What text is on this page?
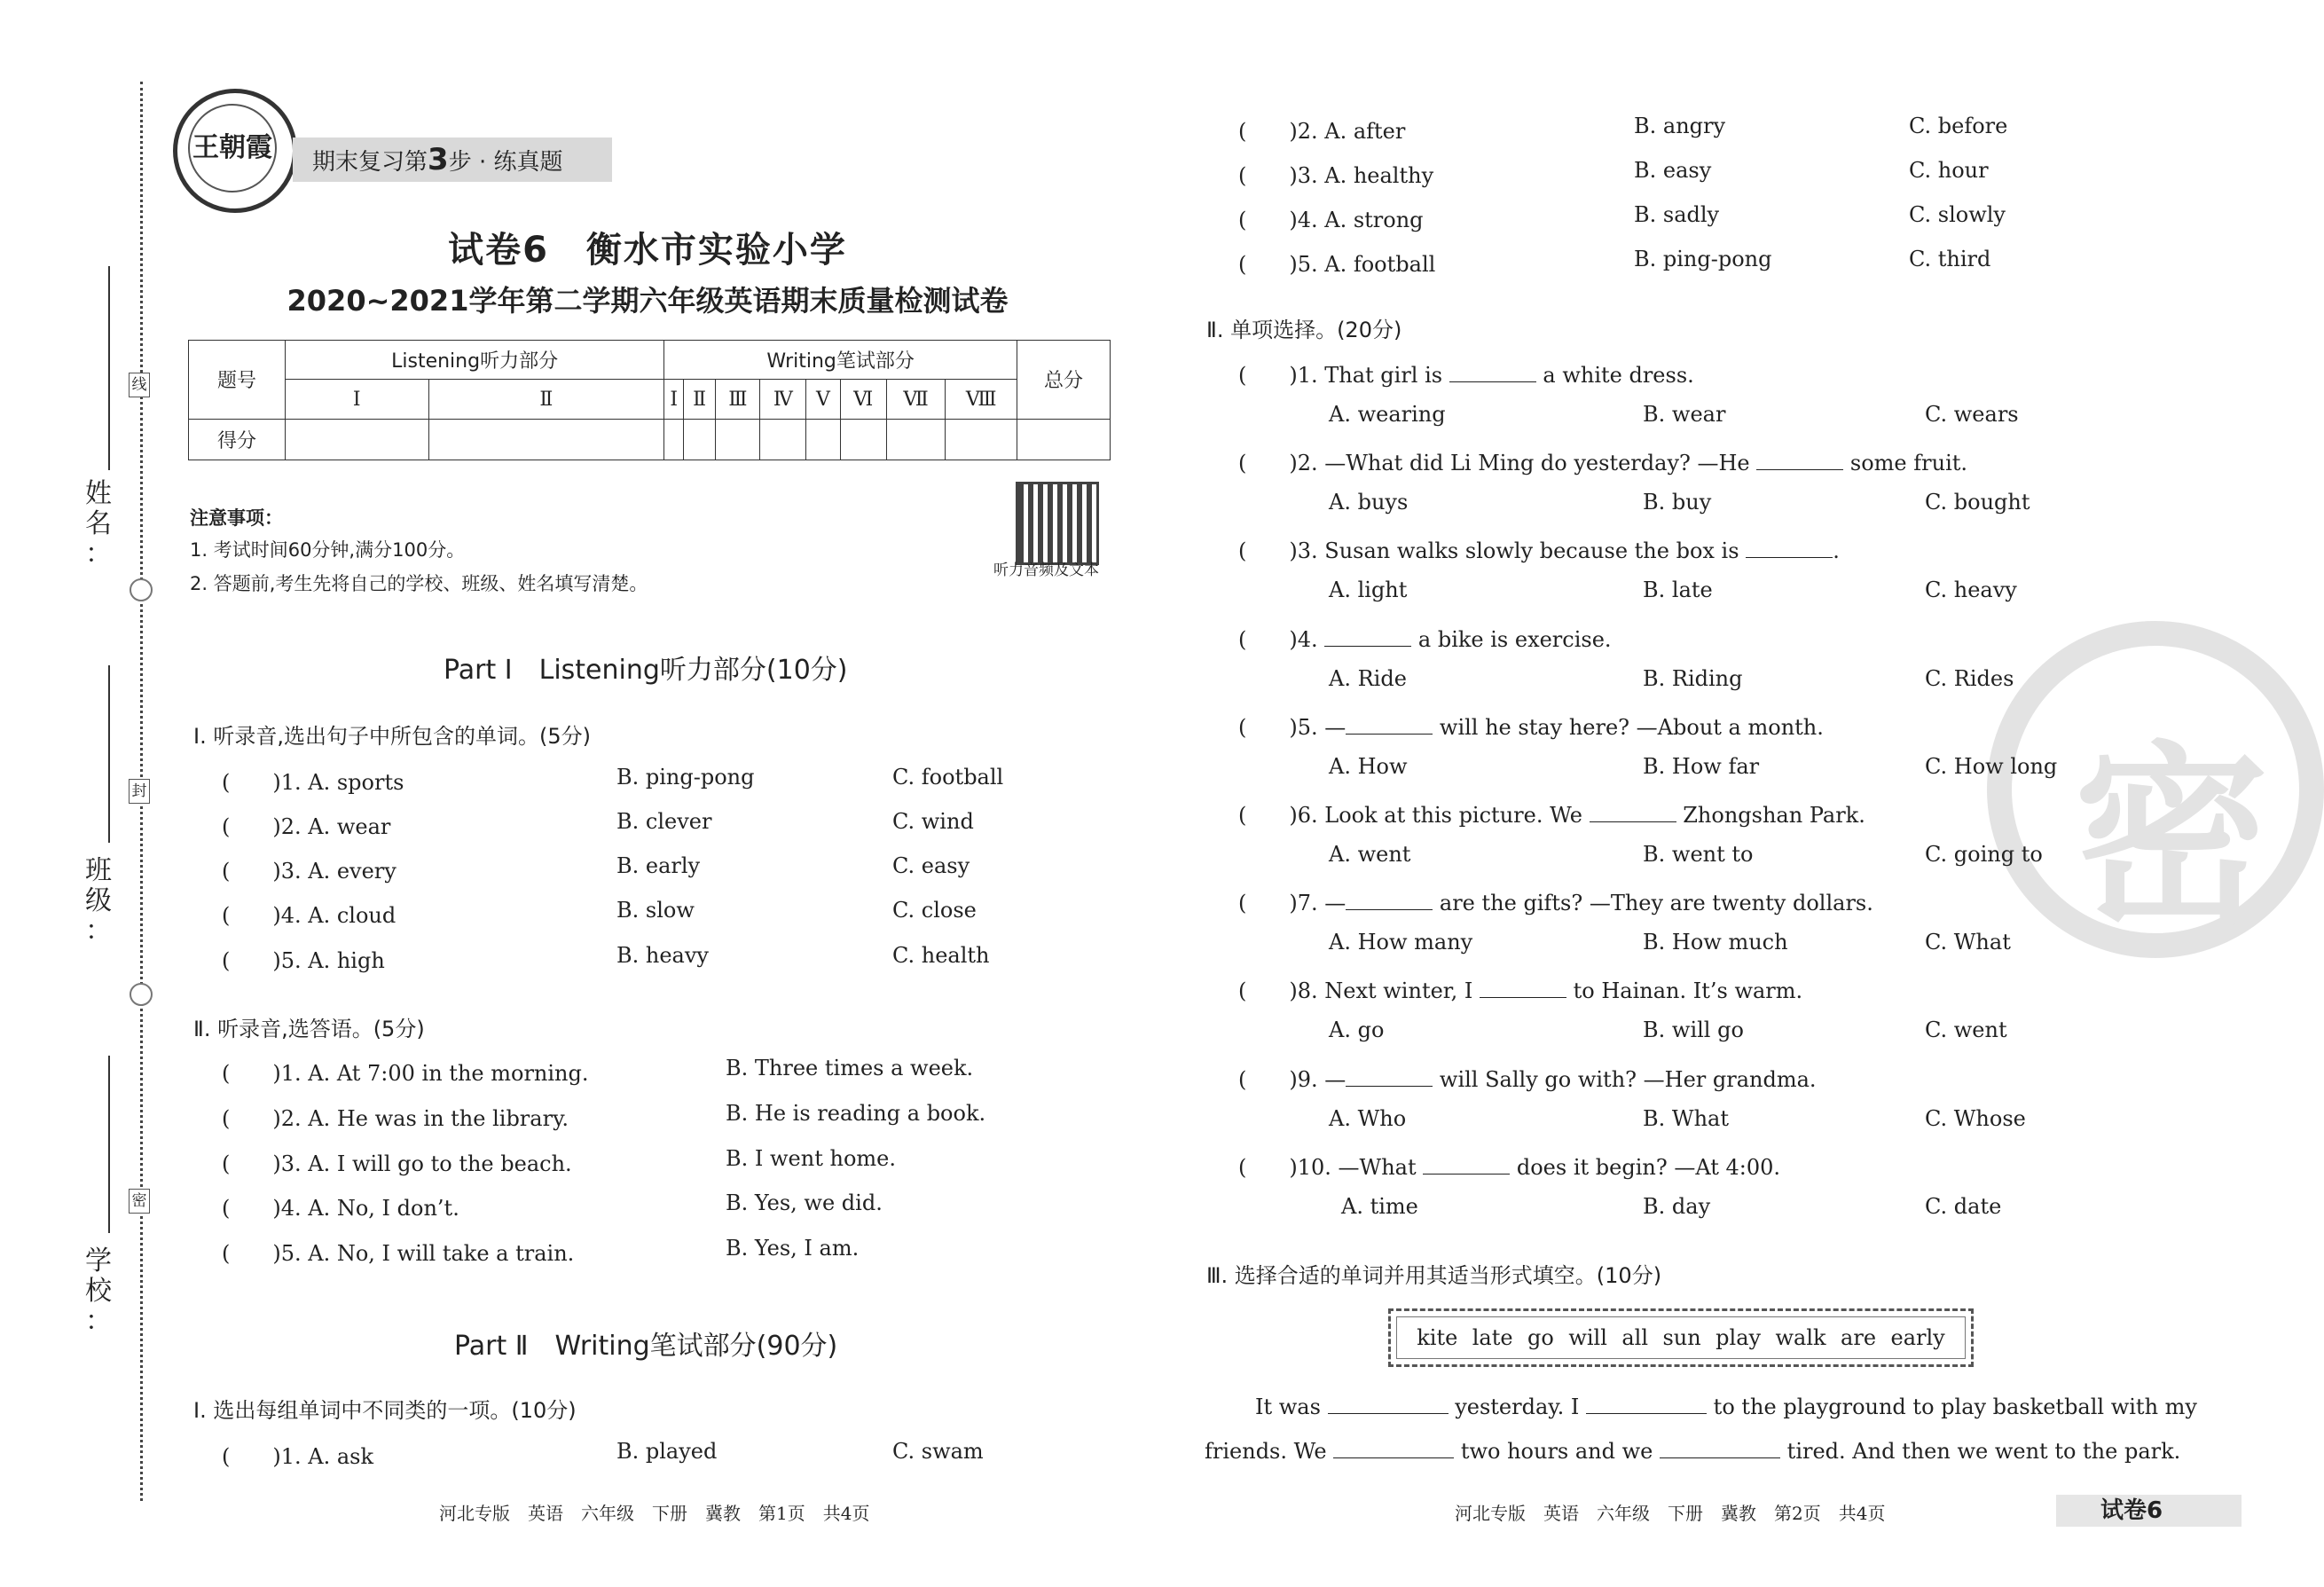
线
封
密
姓
名
：
班
级
：
学
校
：
王朝霞	期末复习第3步 · 练真题
试卷6　衡水市实验小学
2020~2021学年第二学期六年级英语期末质量检测试卷
题号	Listening听力部分		Writing笔试部分								总分
	Ⅰ	Ⅱ	Ⅰ	Ⅱ	Ⅲ	Ⅳ	Ⅴ	Ⅵ	Ⅶ	Ⅷ	
得分											
注意事项：
1. 考试时间60分钟,满分100分。
2. 答题前,考生先将自己的学校、班级、姓名填写清楚。
听力音频及文本
Part Ⅰ　Listening听力部分(10分)
Ⅰ. 听录音,选出句子中所包含的单词。(5分)
(　　)1. A. sports	B. ping-pong	C. football
(　　)2. A. wear	B. clever	C. wind
(　　)3. A. every	B. early	C. easy
(　　)4. A. cloud	B. slow	C. close
(　　)5. A. high	B. heavy	C. health
Ⅱ. 听录音,选答语。(5分)
(　　)1. A. At 7:00 in the morning.	B. Three times a week.
(　　)2. A. He was in the library.	B. He is reading a book.
(　　)3. A. I will go to the beach.	B. I went home.
(　　)4. A. No, I don’t.	B. Yes, we did.
(　　)5. A. No, I will take a train.	B. Yes, I am.
Part Ⅱ　Writing笔试部分(90分)
Ⅰ. 选出每组单词中不同类的一项。(10分)
(　　)1. A. ask	B. played	C. swam
河北专版　英语　六年级　下册　冀教　第1页　共4页
密
(　　)2. A. after	B. angry	C. before
(　　)3. A. healthy	B. easy	C. hour
(　　)4. A. strong	B. sadly	C. slowly
(　　)5. A. football	B. ping-pong	C. third
Ⅱ. 单项选择。(20分)
(　　)1. That girl is	a white dress.
A. wearing	B. wear	C. wears
(　　)2. —What did Li Ming do yesterday? —He	some fruit.
A. buys	B. buy	C. bought
(　　)3. Susan walks slowly because the box is	.
A. light	B. late	C. heavy
(　　)4.	a bike is exercise.
A. Ride	B. Riding	C. Rides
(　　)5. —	will he stay here? —About a month.
A. How	B. How far	C. How long
(　　)6. Look at this picture. We	Zhongshan Park.
A. went	B. went to	C. going to
(　　)7. —	are the gifts? —They are twenty dollars.
A. How many	B. How much	C. What
(　　)8. Next winter, I	to Hainan. It’s warm.
A. go	B. will go	C. went
(　　)9. —	will Sally go with? —Her grandma.
A. Who	B. What	C. Whose
(　　)10. —What	does it begin? —At 4:00.
A. time	B. day	C. date
Ⅲ. 选择合适的单词并用其适当形式填空。(10分)
kite late go will all sun play walk are early
It was	yesterday. I	to the playground to play basketball with my
friends. We	two hours and we	tired. And then we went to the park.
河北专版　英语　六年级　下册　冀教　第2页　共4页	试卷6
